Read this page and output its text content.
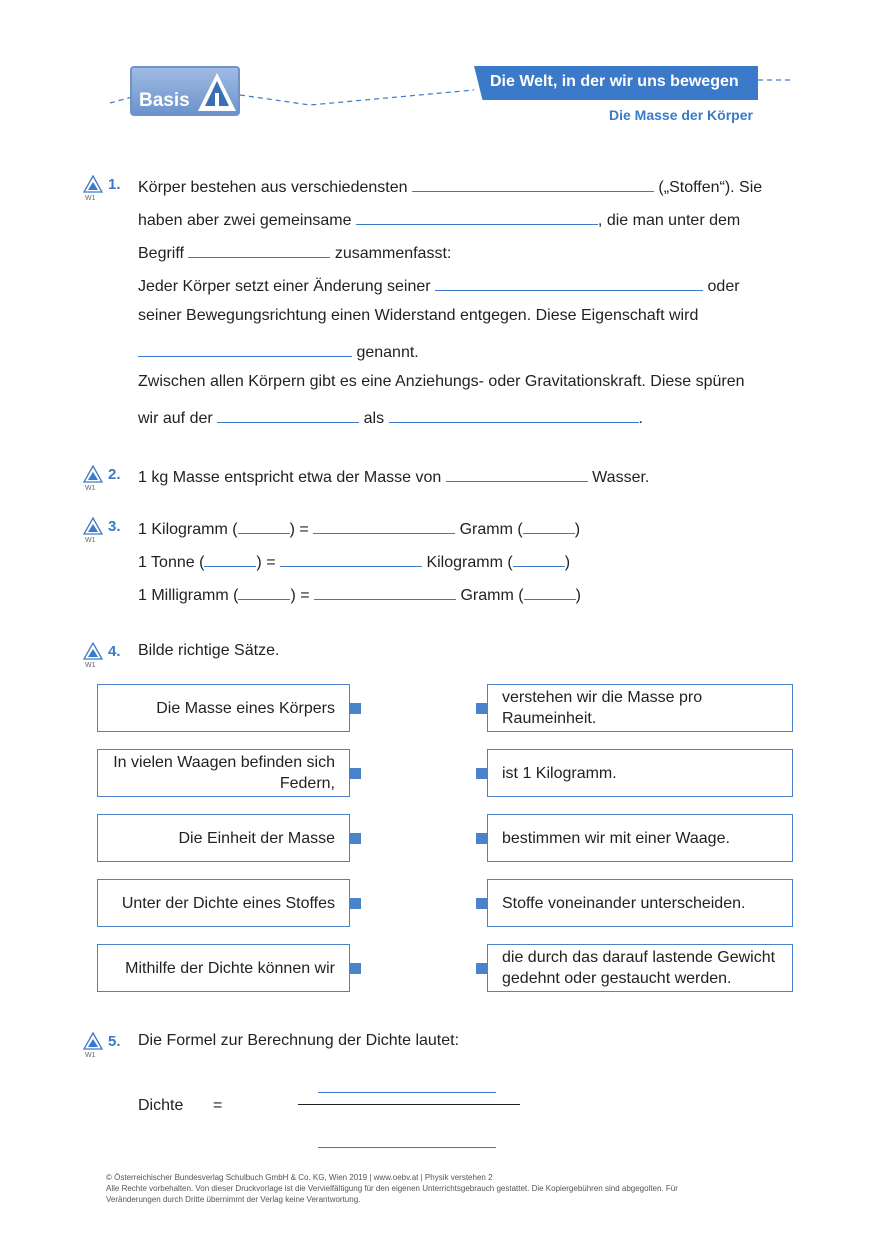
Basis
Die Welt, in der wir uns bewegen
Die Masse der Körper
W1
W1
W1
W1
W1
1. Körper bestehen aus verschiedensten	(„Stoffen“). Sie
haben aber zwei gemeinsame	, die man unter dem
Begriff	zusammenfasst:
Jeder Körper setzt einer Änderung seiner	oder
seiner Bewegungsrichtung einen Widerstand entgegen. Diese Eigenschaft wird
genannt.
Zwischen allen Körpern gibt es eine Anziehungs- oder Gravitationskraft. Diese spüren
wir auf der	als	.
2. 1 kg Masse entspricht etwa der Masse von	Wasser.
3. 1 Kilogramm (	) =	Gramm (	)
1 Tonne (	) =	Kilogramm (	)
1 Milligramm (	) =	Gramm (	)
4. Bilde richtige Sätze.
Die Masse eines Körpers
In vielen Waagen befinden sich Federn,
Die Einheit der Masse
Unter der Dichte eines Stoffes
Mithilfe der Dichte können wir
verstehen wir die Masse pro Raumeinheit.
ist 1 Kilogramm.
bestimmen wir mit einer Waage.
Stoffe voneinander unterscheiden.
die durch das darauf lastende Gewicht gedehnt oder gestaucht werden.
5. Die Formel zur Berechnung der Dichte lautet:
Dichte =
© Österreichischer Bundesverlag Schulbuch GmbH & Co. KG, Wien 2019 | www.oebv.at | Physik verstehen 2
Alle Rechte vorbehalten. Von dieser Druckvorlage ist die Vervielfältigung für den eigenen Unterrichtsgebrauch gestattet. Die Kopiergebühren sind abgegolten. Für
Veränderungen durch Dritte übernimmt der Verlag keine Verantwortung.
